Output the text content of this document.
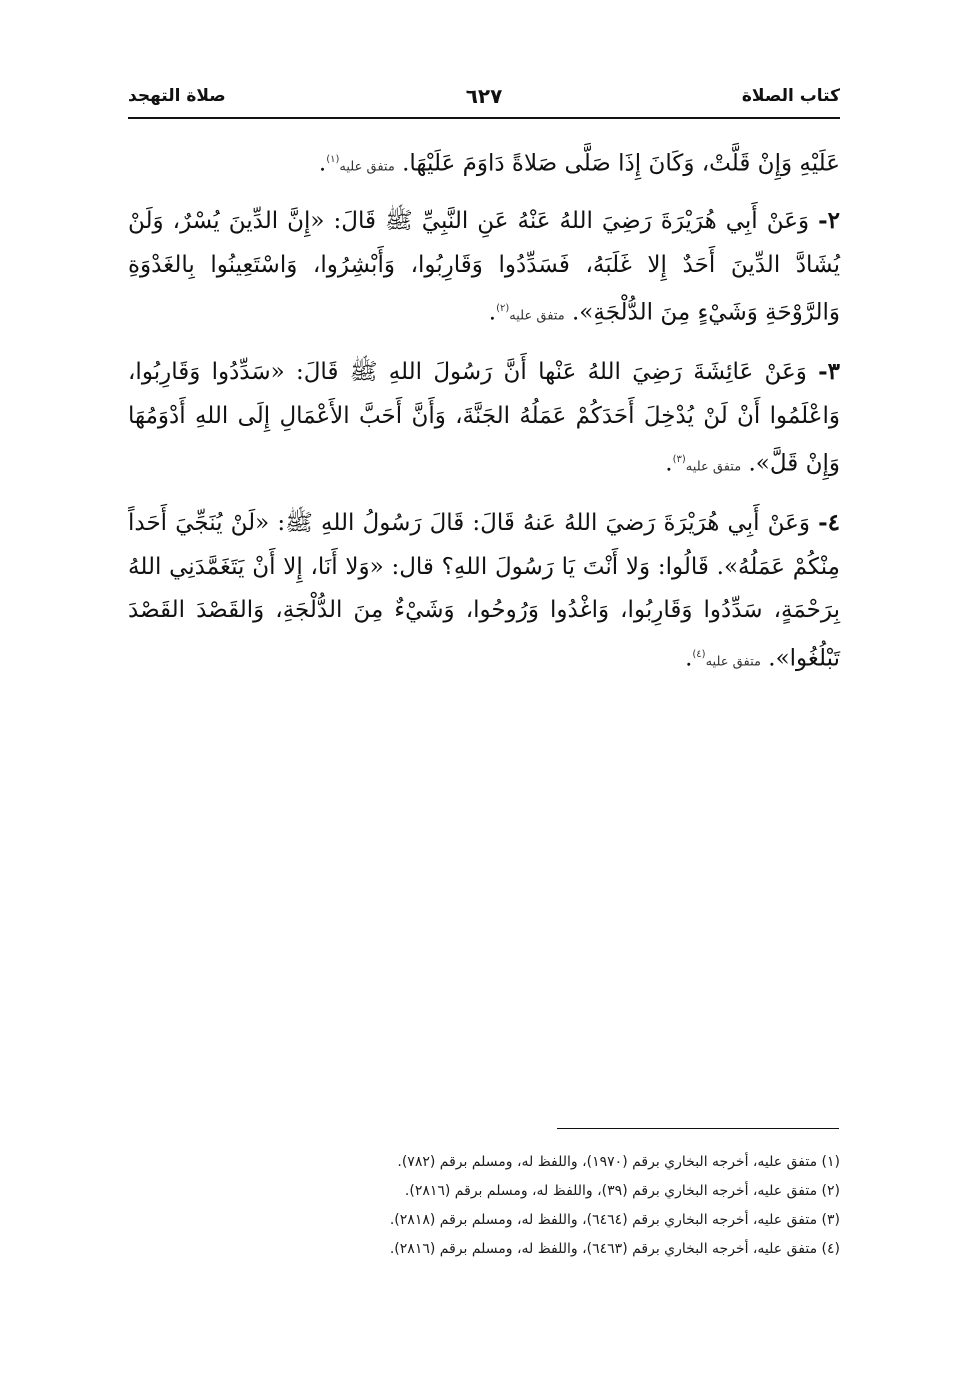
كتاب الصلاة
٦٢٧
صلاة التهجد

عَلَيْهِ وَإِنْ قَلَّتْ، وَكَانَ إِذَا صَلَّى صَلاةً دَاوَمَ عَلَيْهَا. متفق عليه$^{(١)}$.

٢- وَعَنْ أَبِي هُرَيْرَةَ رَضِيَ اللهُ عَنْهُ عَنِ النَّبِيِّ ﷺ قَالَ: «إِنَّ الدِّينَ يُسْرٌ، وَلَنْ يُشَادَّ الدِّينَ أَحَدٌ إِلا غَلَبَهُ، فَسَدِّدُوا وَقَارِبُوا، وَأَبْشِرُوا، وَاسْتَعِينُوا بِالغَدْوَةِ وَالرَّوْحَةِ وَشَيْءٍ مِنَ الدُّلْجَةِ». متفق عليه$^{(٢)}$.

٣- وَعَنْ عَائِشَةَ رَضِيَ اللهُ عَنْها أَنَّ رَسُولَ اللهِ ﷺ قَالَ: «سَدِّدُوا وَقَارِبُوا، وَاعْلَمُوا أَنْ لَنْ يُدْخِلَ أَحَدَكُمْ عَمَلُهُ الجَنَّةَ، وَأَنَّ أَحَبَّ الأَعْمَالِ إِلَى اللهِ أَدْوَمُهَا وَإِنْ قَلَّ». متفق عليه$^{(٣)}$.

٤- وَعَنْ أَبِي هُرَيْرَةَ رَضيَ اللهُ عَنهُ قَالَ: قَالَ رَسُولُ اللهِ ﷺ: «لَنْ يُنَجِّيَ أَحَداً مِنْكُمْ عَمَلُهُ». قَالُوا: وَلا أَنْتَ يَا رَسُولَ اللهِ؟ قال: «وَلا أَنَا، إِلا أَنْ يَتَغَمَّدَنِي اللهُ بِرَحْمَةٍ، سَدِّدُوا وَقَارِبُوا، وَاغْدُوا وَرُوحُوا، وَشَيْءٌ مِنَ الدُّلْجَةِ، وَالقَصْدَ القَصْدَ تَبْلُغُوا». متفق عليه$^{(٤)}$.

(١) متفق عليه، أخرجه البخاري برقم (١٩٧٠)، واللفظ له، ومسلم برقم (٧٨٢).
(٢) متفق عليه، أخرجه البخاري برقم (٣٩)، واللفظ له، ومسلم برقم (٢٨١٦).
(٣) متفق عليه، أخرجه البخاري برقم (٦٤٦٤)، واللفظ له، ومسلم برقم (٢٨١٨).
(٤) متفق عليه، أخرجه البخاري برقم (٦٤٦٣)، واللفظ له، ومسلم برقم (٢٨١٦).
